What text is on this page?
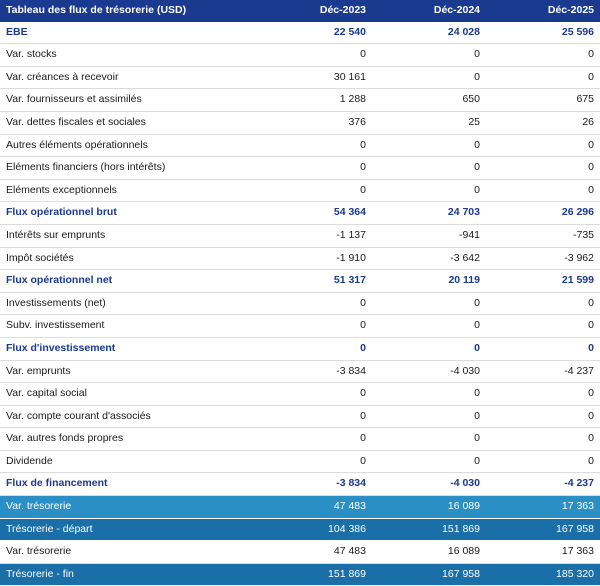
Tableau des flux de trésorerie (USD)	Déc-2023	Déc-2024	Déc-2025
EBE	22 540	24 028	25 596
Var. stocks	0	0	0
Var. créances à recevoir	30 161	0	0
Var. fournisseurs et assimilés	1 288	650	675
Var. dettes fiscales et sociales	376	25	26
Autres éléments opérationnels	0	0	0
Eléments financiers (hors intérêts)	0	0	0
Eléments exceptionnels	0	0	0
Flux opérationnel brut	54 364	24 703	26 296
Intérêts sur emprunts	-1 137	-941	-735
Impôt sociétés	-1 910	-3 642	-3 962
Flux opérationnel net	51 317	20 119	21 599
Investissements (net)	0	0	0
Subv. investissement	0	0	0
Flux d'investissement	0	0	0
Var. emprunts	-3 834	-4 030	-4 237
Var. capital social	0	0	0
Var. compte courant d'associés	0	0	0
Var. autres fonds propres	0	0	0
Dividende	0	0	0
Flux de financement	-3 834	-4 030	-4 237
Var. trésorerie	47 483	16 089	17 363
Trésorerie - départ	104 386	151 869	167 958
Var. trésorerie	47 483	16 089	17 363
Trésorerie - fin	151 869	167 958	185 320
